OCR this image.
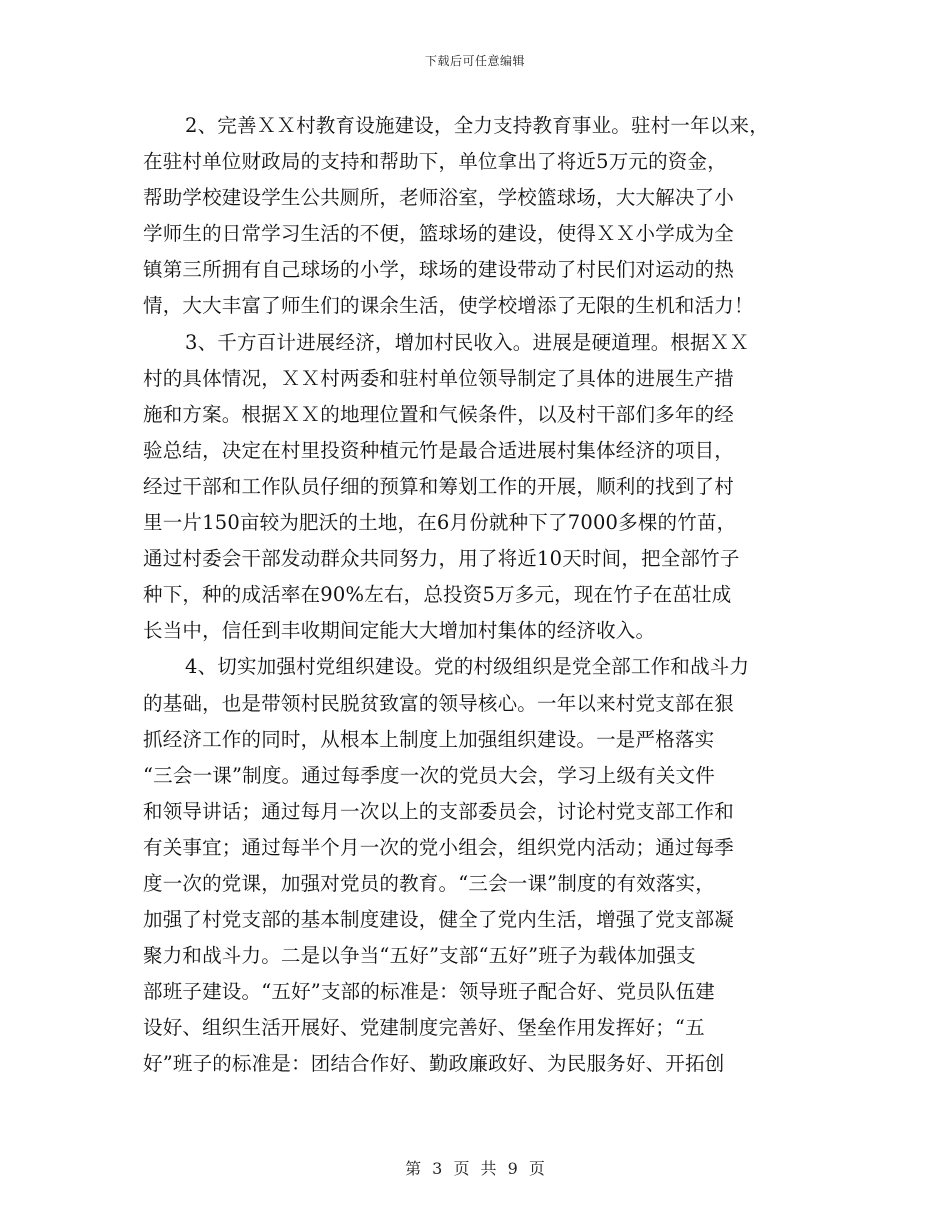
下载后可任意编辑
2、完善ＸＸ村教育设施建设，全力支持教育事业。驻村一年以来，
在驻村单位财政局的支持和帮助下，单位拿出了将近5万元的资金，
帮助学校建设学生公共厕所，老师浴室，学校篮球场，大大解决了小
学师生的日常学习生活的不便，篮球场的建设，使得ＸＸ小学成为全
镇第三所拥有自己球场的小学，球场的建设带动了村民们对运动的热
情，大大丰富了师生们的课余生活，使学校增添了无限的生机和活力！
3、千方百计进展经济，增加村民收入。进展是硬道理。根据ＸＸ
村的具体情况，ＸＸ村两委和驻村单位领导制定了具体的进展生产措
施和方案。根据ＸＸ的地理位置和气候条件，以及村干部们多年的经
验总结，决定在村里投资种植元竹是最合适进展村集体经济的项目，
经过干部和工作队员仔细的预算和筹划工作的开展，顺利的找到了村
里一片150亩较为肥沃的土地，在6月份就种下了7000多棵的竹苗，
通过村委会干部发动群众共同努力，用了将近10天时间，把全部竹子
种下，种的成活率在90%左右，总投资5万多元，现在竹子在茁壮成
长当中，信任到丰收期间定能大大增加村集体的经济收入。
4、切实加强村党组织建设。党的村级组织是党全部工作和战斗力
的基础，也是带领村民脱贫致富的领导核心。一年以来村党支部在狠
抓经济工作的同时，从根本上制度上加强组织建设。一是严格落实
“三会一课”制度。通过每季度一次的党员大会，学习上级有关文件
和领导讲话；通过每月一次以上的支部委员会，讨论村党支部工作和
有关事宜；通过每半个月一次的党小组会，组织党内活动；通过每季
度一次的党课，加强对党员的教育。“三会一课”制度的有效落实，
加强了村党支部的基本制度建设，健全了党内生活，增强了党支部凝
聚力和战斗力。二是以争当“五好”支部“五好”班子为载体加强支
部班子建设。“五好”支部的标准是：领导班子配合好、党员队伍建
设好、组织生活开展好、党建制度完善好、堡垒作用发挥好；“五
好”班子的标准是：团结合作好、勤政廉政好、为民服务好、开拓创
第 3 页 共 9 页
